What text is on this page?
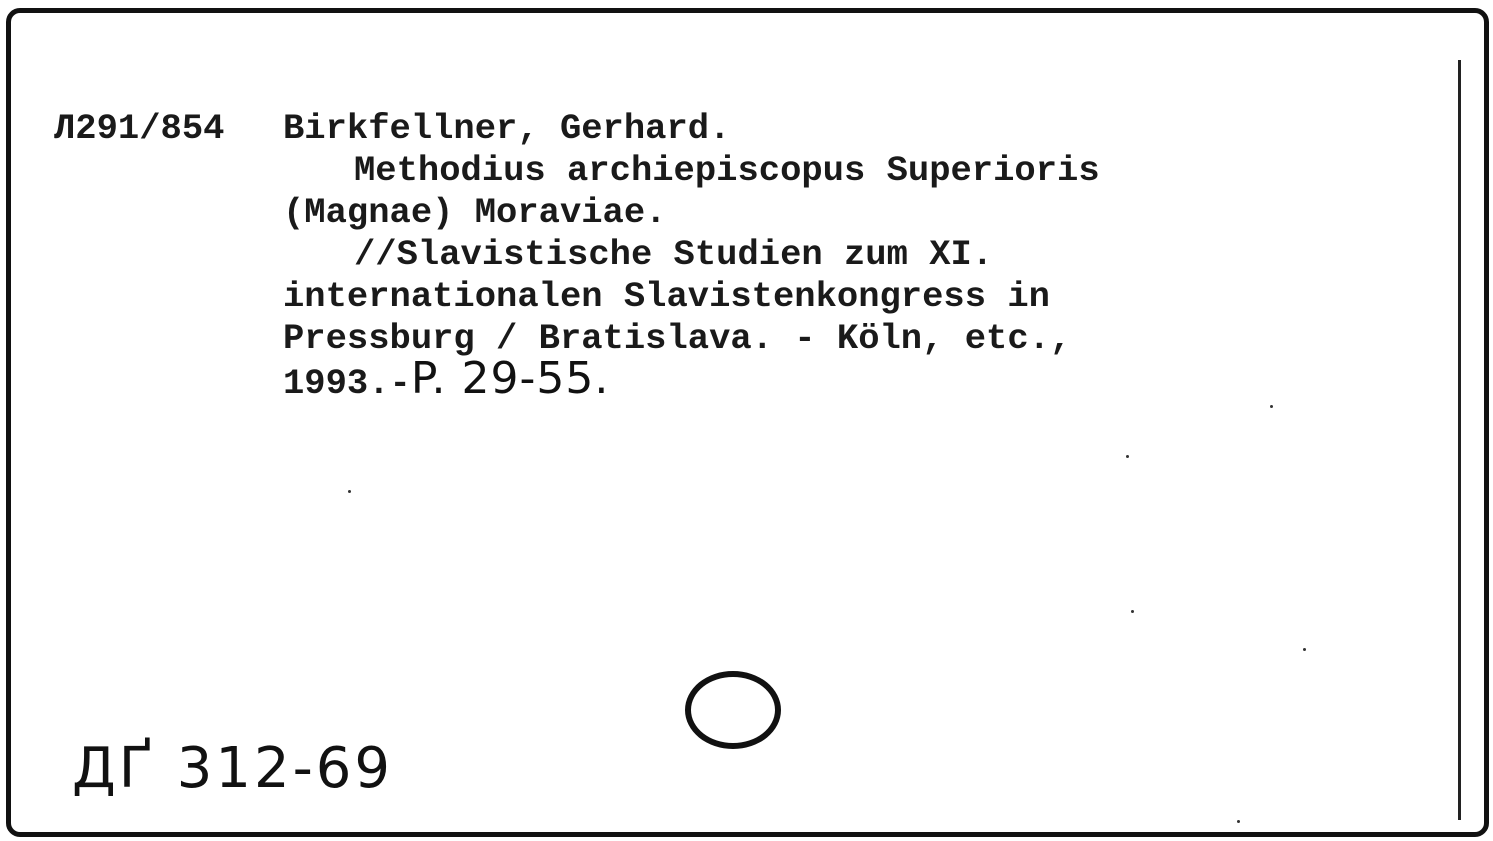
Л291/854 Birkfellner, Gerhard.
Methodius archiepiscopus Superioris
(Magnae) Moraviae.
//Slavistische Studien zum XI.
internationalen Slavistenkongress in
Pressburg / Bratislava. - Köln, etc.,
1993.-P. 29-55.
ДҐ 312-69
